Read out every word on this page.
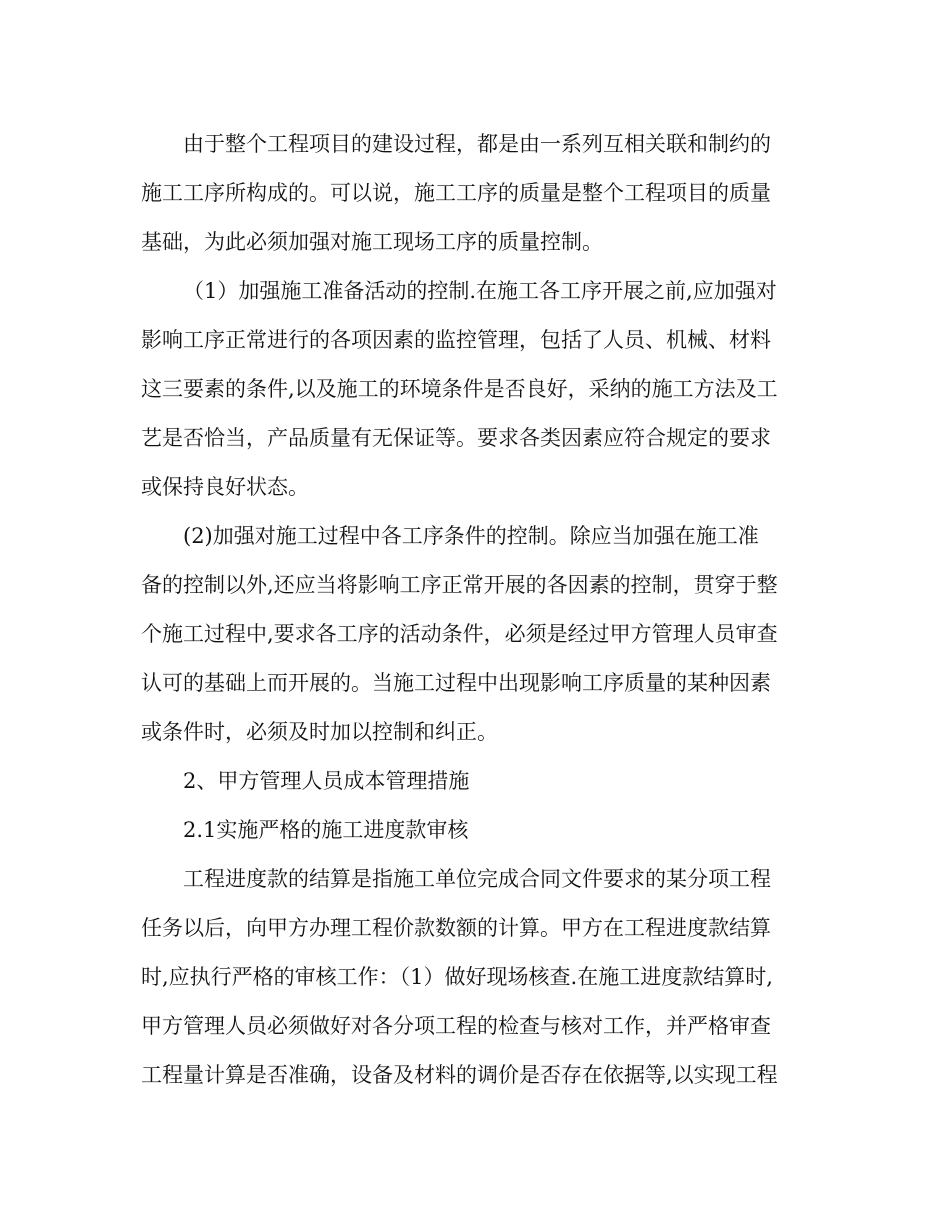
由于整个工程项目的建设过程，都是由一系列互相关联和制约的
施工工序所构成的。可以说，施工工序的质量是整个工程项目的质量
基础，为此必须加强对施工现场工序的质量控制。
（1）加强施工准备活动的控制.在施工各工序开展之前,应加强对
影响工序正常进行的各项因素的监控管理，包括了人员、机械、材料
这三要素的条件,以及施工的环境条件是否良好，采纳的施工方法及工
艺是否恰当，产品质量有无保证等。要求各类因素应符合规定的要求
或保持良好状态。
(2)加强对施工过程中各工序条件的控制。除应当加强在施工准
备的控制以外,还应当将影响工序正常开展的各因素的控制，贯穿于整
个施工过程中,要求各工序的活动条件，必须是经过甲方管理人员审查
认可的基础上而开展的。当施工过程中出现影响工序质量的某种因素
或条件时，必须及时加以控制和纠正。
2、甲方管理人员成本管理措施
2.1实施严格的施工进度款审核
工程进度款的结算是指施工单位完成合同文件要求的某分项工程
任务以后，向甲方办理工程价款数额的计算。甲方在工程进度款结算
时,应执行严格的审核工作：（1）做好现场核查.在施工进度款结算时,
甲方管理人员必须做好对各分项工程的检查与核对工作，并严格审查
工程量计算是否准确，设备及材料的调价是否存在依据等,以实现工程
